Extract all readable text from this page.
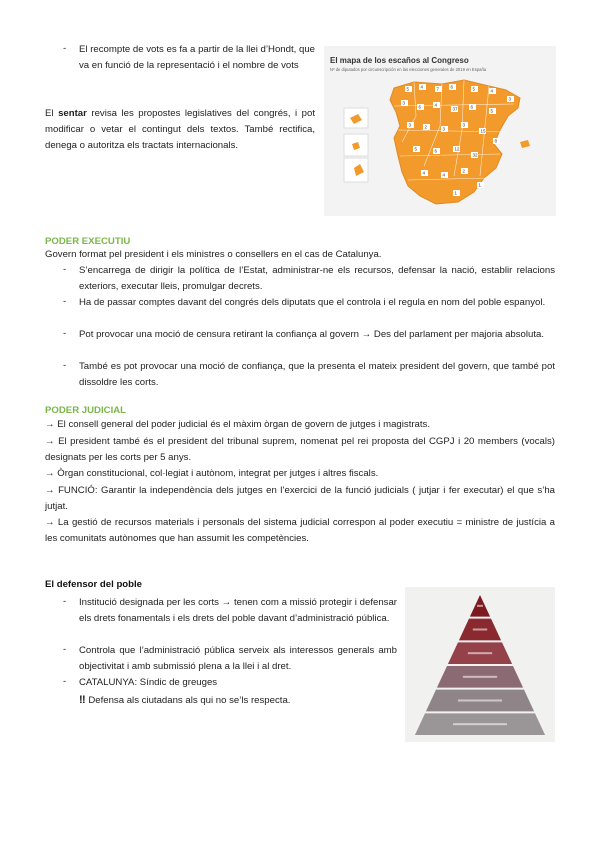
- El recompte de vots es fa a partir de la llei d’Hondt, que va en funció de la representació i el nombre de vots
El sentar revisa les propostes legislatives del congrés, i pot modificar o vetar el contingut dels textos. També rectifica, denega o autoritza els tractats internacionals.
El mapa de los escaños al Congreso
Nº de diputados por circunscripción en las elecciones generales de 2019 en España
5	4	7	6	5	4
3
3
6	4
37	6
5
3	2	3
3
15
8
5	6	12
32
4	4
2
1
1
PODER EXECUTIU
Govern format pel president i els ministres o consellers en el cas de Catalunya.
- S’encarrega de dirigir la política de l’Estat, administrar-ne els recursos, defensar la nació, establir relacions exteriors, executar lleis, promulgar decrets.
- Ha de passar comptes davant del congrés dels diputats que el controla i el regula en nom del poble espanyol.
- Pot provocar una moció de censura retirant la confiança al govern → Des del parlament per majoria absoluta.
- També es pot provocar una moció de confiança, que la presenta el mateix president del govern, que també pot dissoldre les corts.
PODER JUDICIAL
→ El consell general del poder judicial és el màxim òrgan de govern de jutges i magistrats.
→ El president també és el president del tribunal suprem, nomenat pel rei proposta del CGPJ i 20 members (vocals) designats per les corts per 5 anys.
→ Òrgan constitucional, col·legiat i autònom, integrat per jutges i altres fiscals.
→ FUNCIÓ: Garantir la independència dels jutges en l’exercici de la funció judicials ( jutjar i fer executar) el que s’ha jutjat.
→ La gestió de recursos materials i personals del sistema judicial correspon al poder executiu = ministre de justícia a les comunitats autònomes que han assumit les competències.
El defensor del poble
- Institució designada per les corts → tenen com a missió protegir i defensar els drets fonamentals i els drets del poble davant d’administració pública.
- Controla que l’administració pública serveix als interessos generals amb objectivitat i amb submissió plena a la llei i al dret.
- CATALUNYA: Síndic de greuges
‼ Defensa als ciutadans als qui no se’ls respecta.
